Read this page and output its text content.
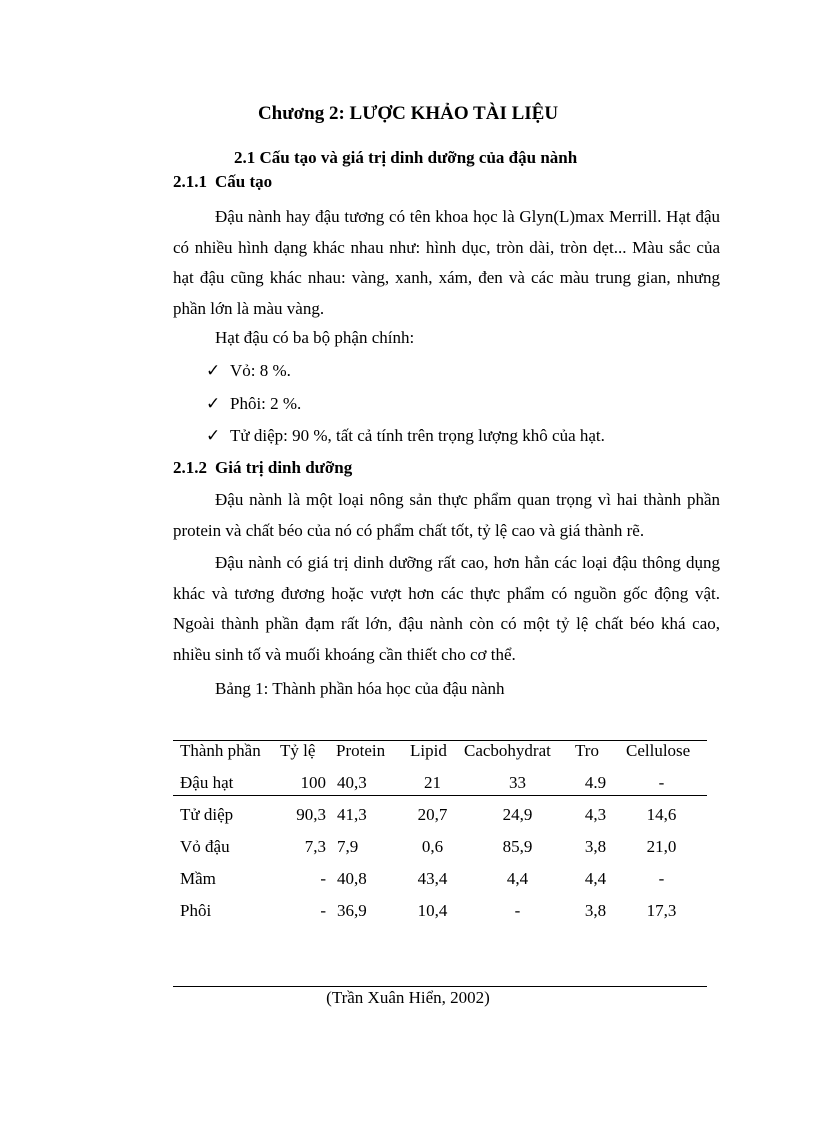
Chương 2: LƯỢC KHẢO TÀI LIỆU
2.1 Cấu tạo và giá trị dinh dưỡng của đậu nành
2.1.1 Cấu tạo

Đậu nành hay đậu tương có tên khoa học là Glyn(L)max Merrill. Hạt đậu có nhiều hình dạng khác nhau như: hình dục, tròn dài, tròn dẹt... Màu sắc của hạt đậu cũng khác nhau: vàng, xanh, xám, đen và các màu trung gian, nhưng phần lớn là màu vàng.

Hạt đậu có ba bộ phận chính:
✓ Vỏ: 8 %.
✓ Phôi: 2 %.
✓ Tử diệp: 90 %, tất cả tính trên trọng lượng khô của hạt.
2.1.2 Giá trị dinh dưỡng

Đậu nành là một loại nông sản thực phẩm quan trọng vì hai thành phần protein và chất béo của nó có phẩm chất tốt, tỷ lệ cao và giá thành rẽ.

Đậu nành có giá trị dinh dưỡng rất cao, hơn hẳn các loại đậu thông dụng khác và tương đương hoặc vượt hơn các thực phẩm có nguồn gốc động vật. Ngoài thành phần đạm rất lớn, đậu nành còn có một tỷ lệ chất béo khá cao, nhiều sinh tố và muối khoáng cần thiết cho cơ thể.

Bảng 1: Thành phần hóa học của đậu nành
Thành phần	Tỷ lệ	Protein	Lipid	Cacbohydrat	Tro	Cellulose
Đậu hạt	100	40,3	21	33	4.9	-
Tử diệp	90,3	41,3	20,7	24,9	4,3	14,6
Vỏ đậu	7,3	7,9	0,6	85,9	3,8	21,0
Mầm	-	40,8	43,4	4,4	4,4	-
Phôi	-	36,9	10,4	-	3,8	17,3
(Trần Xuân Hiển, 2002)
